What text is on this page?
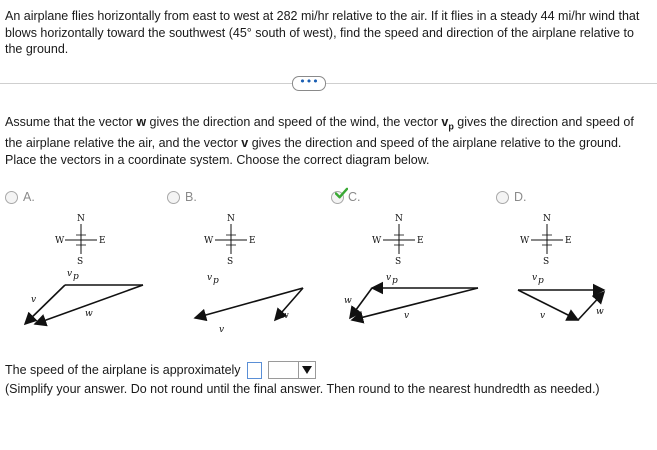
An airplane flies horizontally from east to west at 282 mi/hr relative to the air. If it flies in a steady 44 mi/hr wind that blows horizontally toward the southwest (45° south of west), find the speed and direction of the airplane relative to the ground.
•••
Assume that the vector w gives the direction and speed of the wind, the vector $v_p$ gives the direction and speed of the airplane relative the air, and the vector v gives the direction and speed of the airplane relative to the ground. Place the vectors in a coordinate system. Choose the correct diagram below.
A.
N
S
E
W
v
v p
w
B.
N
S
E
W
v p
v
w
C.
N
S
E
W
w
v p
v
D.
N
S
E
W
v p
v	w
The speed of the airplane is approximately
(Simplify your answer. Do not round until the final answer. Then round to the nearest hundredth as needed.)
